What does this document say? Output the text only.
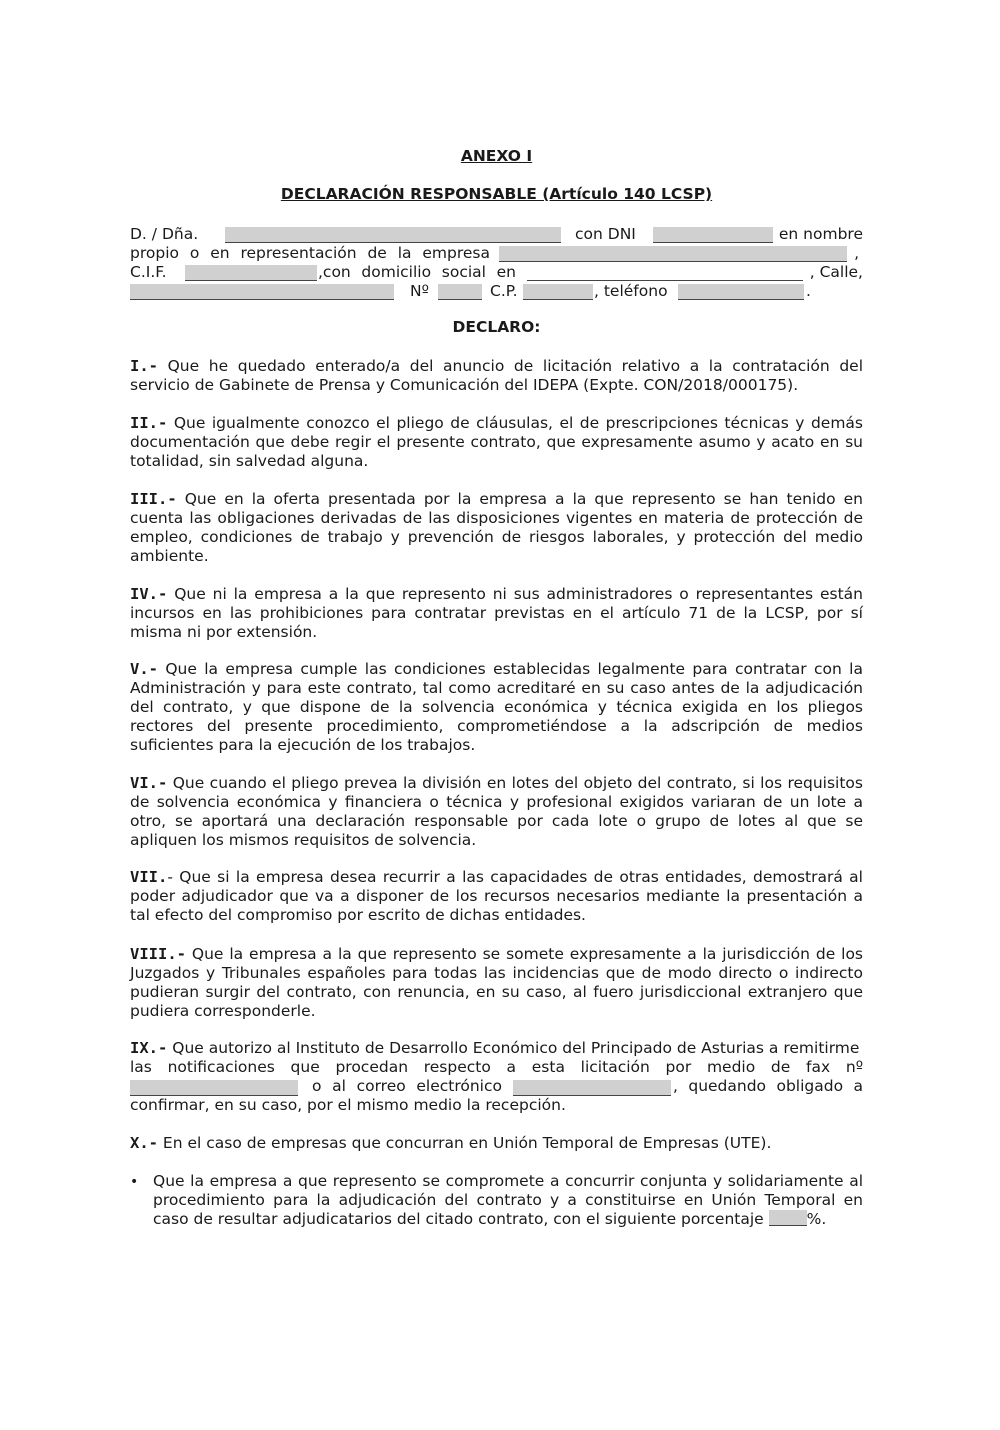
ANEXO I
DECLARACIÓN RESPONSABLE (Artículo 140 LCSP)
D. / Dña.	con DNI	en nombre
propio o en representación de la empresa	,
C.I.F.	,con domicilio social en	, Calle,
Nº	C.P.	, teléfono	.
DECLARO:
I.- Que he quedado enterado/a del anuncio de licitación relativo a la contratación del servicio de Gabinete de Prensa y Comunicación del IDEPA (Expte. CON/2018/000175).
II.- Que igualmente conozco el pliego de cláusulas, el de prescripciones técnicas y demás documentación que debe regir el presente contrato, que expresamente asumo y acato en su totalidad, sin salvedad alguna.
III.- Que en la oferta presentada por la empresa a la que represento se han tenido en cuenta las obligaciones derivadas de las disposiciones vigentes en materia de protección de empleo, condiciones de trabajo y prevención de riesgos laborales, y protección del medio ambiente.
IV.- Que ni la empresa a la que represento ni sus administradores o representantes están incursos en las prohibiciones para contratar previstas en el artículo 71 de la LCSP, por sí misma ni por extensión.
V.- Que la empresa cumple las condiciones establecidas legalmente para contratar con la Administración y para este contrato, tal como acreditaré en su caso antes de la adjudicación del contrato, y que dispone de la solvencia económica y técnica exigida en los pliegos rectores del presente procedimiento, comprometiéndose a la adscripción de medios suficientes para la ejecución de los trabajos.
VI.- Que cuando el pliego prevea la división en lotes del objeto del contrato, si los requisitos de solvencia económica y financiera o técnica y profesional exigidos variaran de un lote a otro, se aportará una declaración responsable por cada lote o grupo de lotes al que se apliquen los mismos requisitos de solvencia.
VII.- Que si la empresa desea recurrir a las capacidades de otras entidades, demostrará al poder adjudicador que va a disponer de los recursos necesarios mediante la presentación a tal efecto del compromiso por escrito de dichas entidades.
VIII.- Que la empresa a la que represento se somete expresamente a la jurisdicción de los Juzgados y Tribunales españoles para todas las incidencias que de modo directo o indirecto pudieran surgir del contrato, con renuncia, en su caso, al fuero jurisdiccional extranjero que pudiera corresponderle.
IX.- Que autorizo al Instituto de Desarrollo Económico del Principado de Asturias a remitirme
las notificaciones que procedan respecto a esta licitación por medio de fax nº
o al correo electrónico	, quedando obligado a
confirmar, en su caso, por el mismo medio la recepción.
X.- En el caso de empresas que concurran en Unión Temporal de Empresas (UTE).
• Que la empresa a que represento se compromete a concurrir conjunta y solidariamente al procedimiento para la adjudicación del contrato y a constituirse en Unión Temporal en caso de resultar adjudicatarios del citado contrato, con el siguiente porcentaje	%.
